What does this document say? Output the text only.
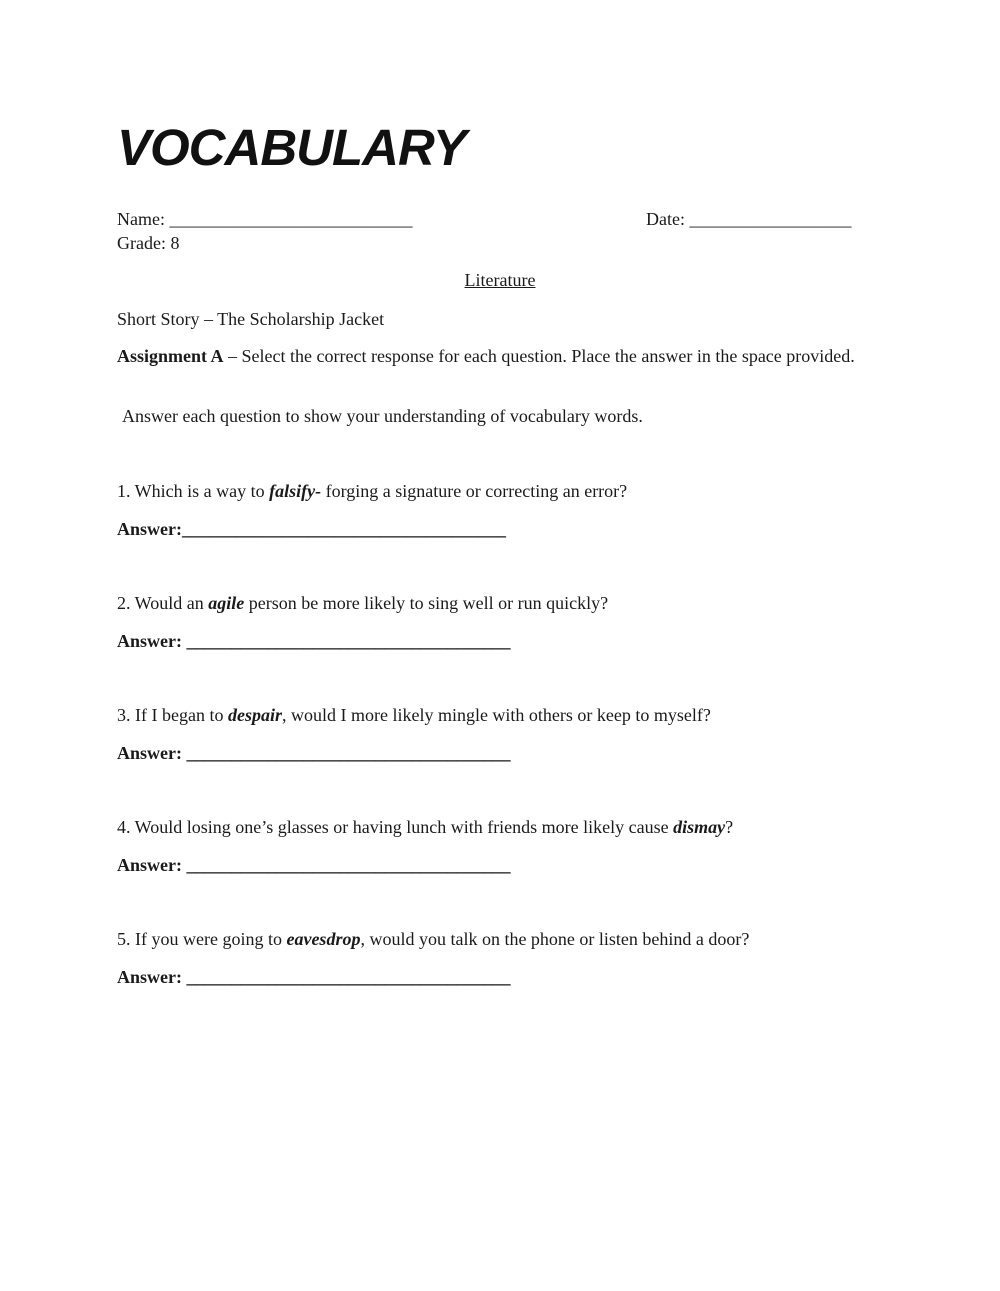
VOCABULARY
Name: ___________________________	Date: __________________
Grade: 8
Literature
Short Story – The Scholarship Jacket
Assignment A – Select the correct response for each question. Place the answer in the space provided.
Answer each question to show your understanding of vocabulary words.
1. Which is a way to falsify- forging a signature or correcting an error?
Answer:____________________________________
2. Would an agile person be more likely to sing well or run quickly?
Answer: ____________________________________
3. If I began to despair, would I more likely mingle with others or keep to myself?
Answer: ____________________________________
4. Would losing one’s glasses or having lunch with friends more likely cause dismay?
Answer: ____________________________________
5. If you were going to eavesdrop, would you talk on the phone or listen behind a door?
Answer: ____________________________________
